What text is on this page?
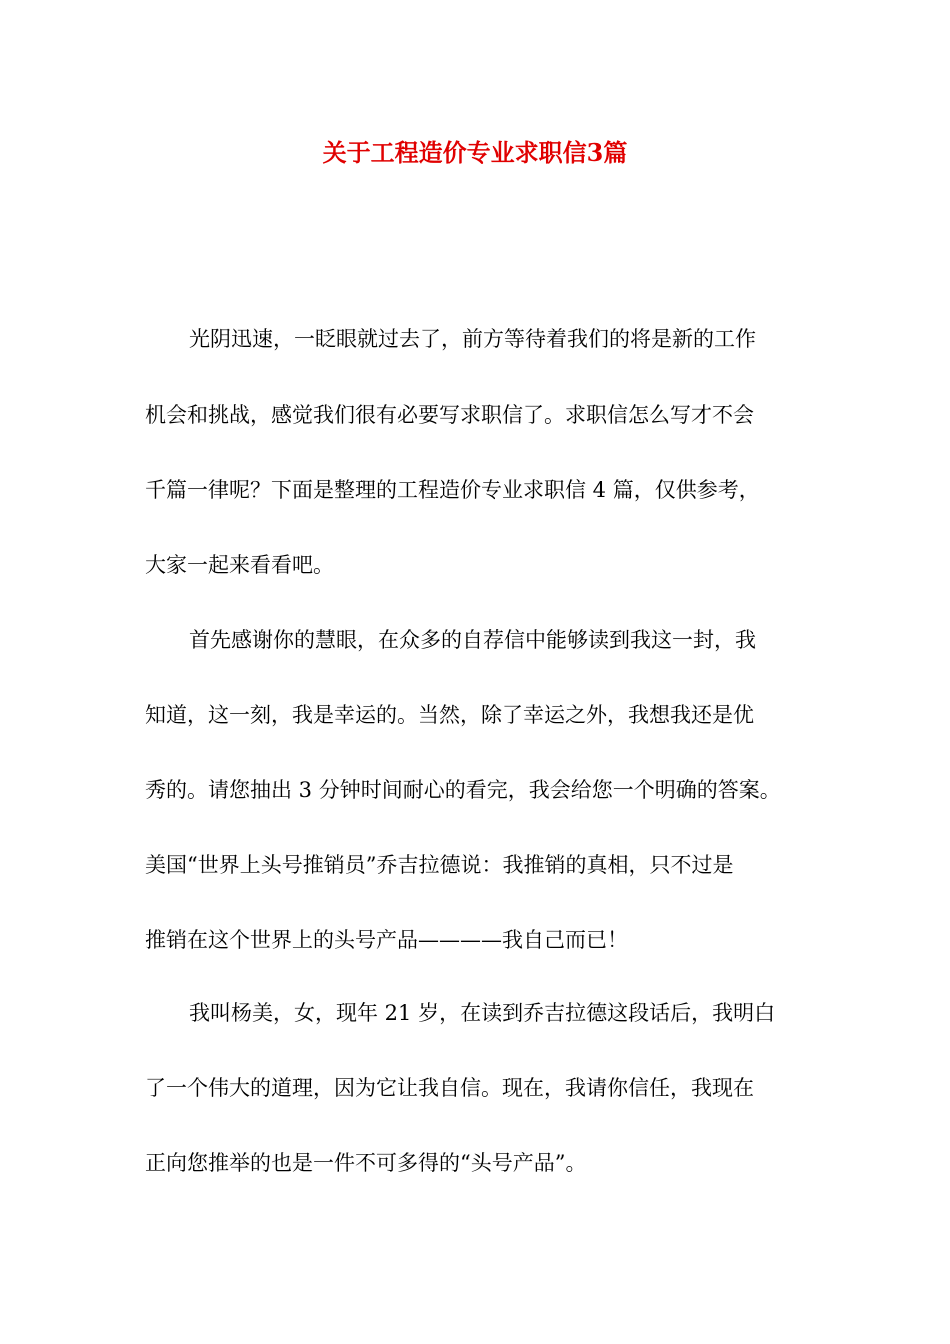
关于工程造价专业求职信3篇

光阴迅速，一眨眼就过去了，前方等待着我们的将是新的工作

机会和挑战，感觉我们很有必要写求职信了。求职信怎么写才不会

千篇一律呢？下面是整理的工程造价专业求职信 4 篇，仅供参考，

大家一起来看看吧。

首先感谢你的慧眼，在众多的自荐信中能够读到我这一封，我

知道，这一刻，我是幸运的。当然，除了幸运之外，我想我还是优

秀的。请您抽出 3 分钟时间耐心的看完，我会给您一个明确的答案。

美国“世界上头号推销员”乔吉拉德说：我推销的真相，只不过是

推销在这个世界上的头号产品————我自己而已！

我叫杨美，女，现年 21 岁，在读到乔吉拉德这段话后，我明白

了一个伟大的道理，因为它让我自信。现在，我请你信任，我现在

正向您推举的也是一件不可多得的“头号产品”。
